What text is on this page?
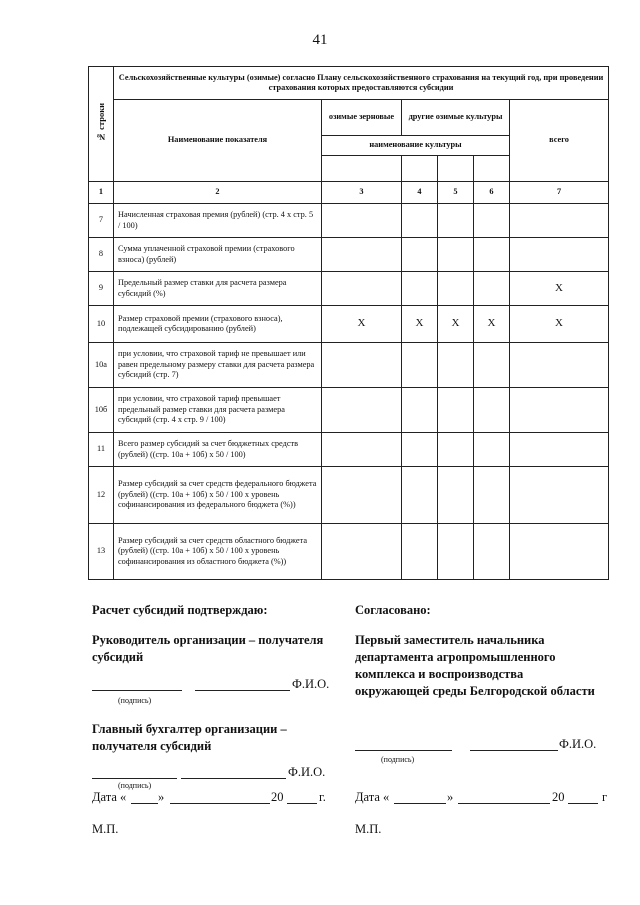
41
№ строки	Сельскохозяйственные культуры (озимые) согласно Плану сельскохозяйственного страхования на текущий год, при проведении страхования которых предоставляются субсидии					
	Наименование показателя	озимые зерновые	другие озимые культуры			всего
		наименование культуры				

1	2	3	4	5	6	7
7	Начисленная страховая премия (рублей) (стр. 4 х стр. 5 / 100)					
8	Сумма уплаченной страховой премии (страхового взноса) (рублей)					
9	Предельный размер ставки для расчета размера субсидий (%)					X
10	Размер страховой премии (страхового взноса), подлежащей субсидированию (рублей)	X	X	X	X	X
10а	при условии, что страховой тариф не превышает или равен предельному размеру ставки для расчета размера субсидий (стр. 7)					
10б	при условии, что страховой тариф превышает предельный размер ставки для расчета размера субсидий (стр. 4 х стр. 9 / 100)					
11	Всего размер субсидий за счет бюджетных средств (рублей) ((стр. 10а + 10б) х 50 / 100)					
12	Размер субсидий за счет средств федерального бюджета (рублей) ((стр. 10а + 10б) х 50 / 100 х уровень софинансирования из федерального бюджета (%))					
13	Размер субсидий за счет средств областного бюджета (рублей) ((стр. 10а + 10б) х 50 / 100 х уровень софинансирования из областного бюджета (%))					
Расчет субсидий подтверждаю:
Руководитель организации – получателя субсидий
Ф.И.О.
(подпись)
Главный бухгалтер организации – получателя субсидий
Ф.И.О.
(подпись)
Дата «	»	20	г.
М.П.
Согласовано:
Первый заместитель начальника департамента агропромышленного комплекса и воспроизводства окружающей среды Белгородской области
Ф.И.О.
(подпись)
Дата «	»	20	г
М.П.
